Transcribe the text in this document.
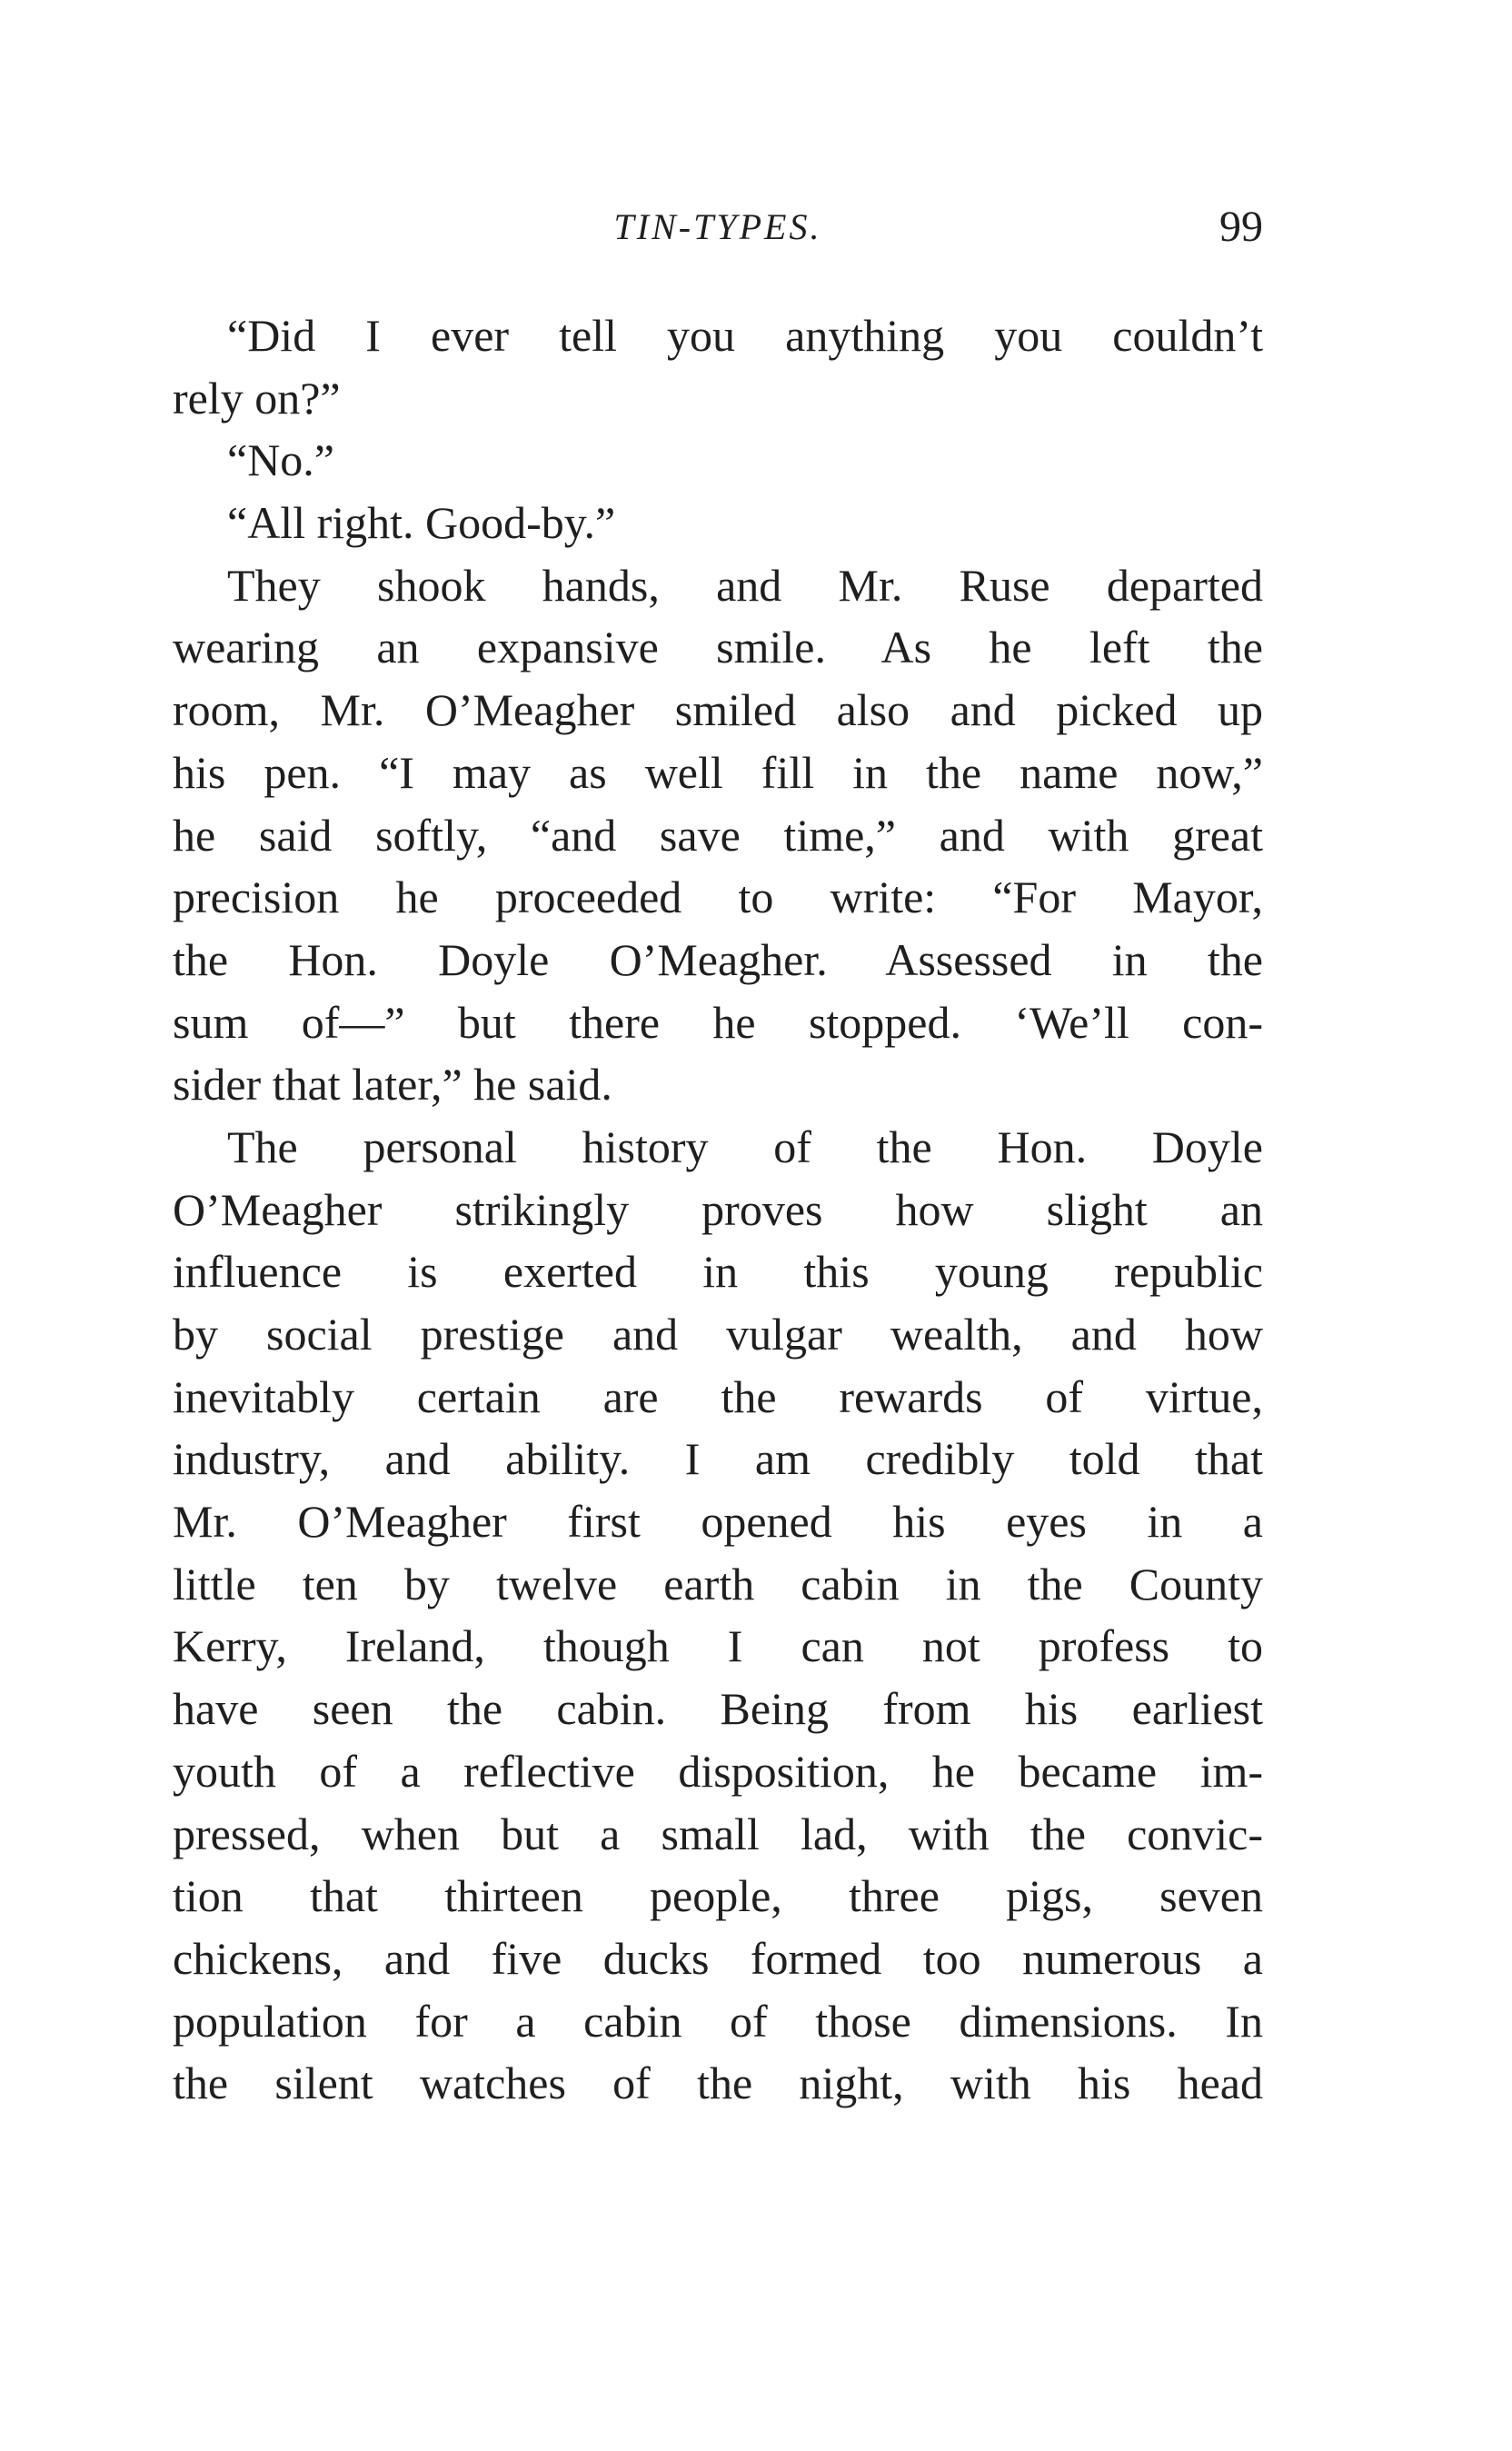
TIN-TYPES.	99
“Did I ever tell you anything you couldn’t
rely on?”
“No.”
“All right. Good-by.”
They shook hands, and Mr. Ruse departed
wearing an expansive smile. As he left the
room, Mr. O’Meagher smiled also and picked up
his pen. “I may as well fill in the name now,”
he said softly, “and save time,” and with great
precision he proceeded to write: “For Mayor,
the Hon. Doyle O’Meagher. Assessed in the
sum of—” but there he stopped. ‘We’ll con-
sider that later,” he said.
The personal history of the Hon. Doyle
O’Meagher strikingly proves how slight an
influence is exerted in this young republic
by social prestige and vulgar wealth, and how
inevitably certain are the rewards of virtue,
industry, and ability. I am credibly told that
Mr. O’Meagher first opened his eyes in a
little ten by twelve earth cabin in the County
Kerry, Ireland, though I can not profess to
have seen the cabin. Being from his earliest
youth of a reflective disposition, he became im-
pressed, when but a small lad, with the convic-
tion that thirteen people, three pigs, seven
chickens, and five ducks formed too numerous a
population for a cabin of those dimensions. In
the silent watches of the night, with his head
